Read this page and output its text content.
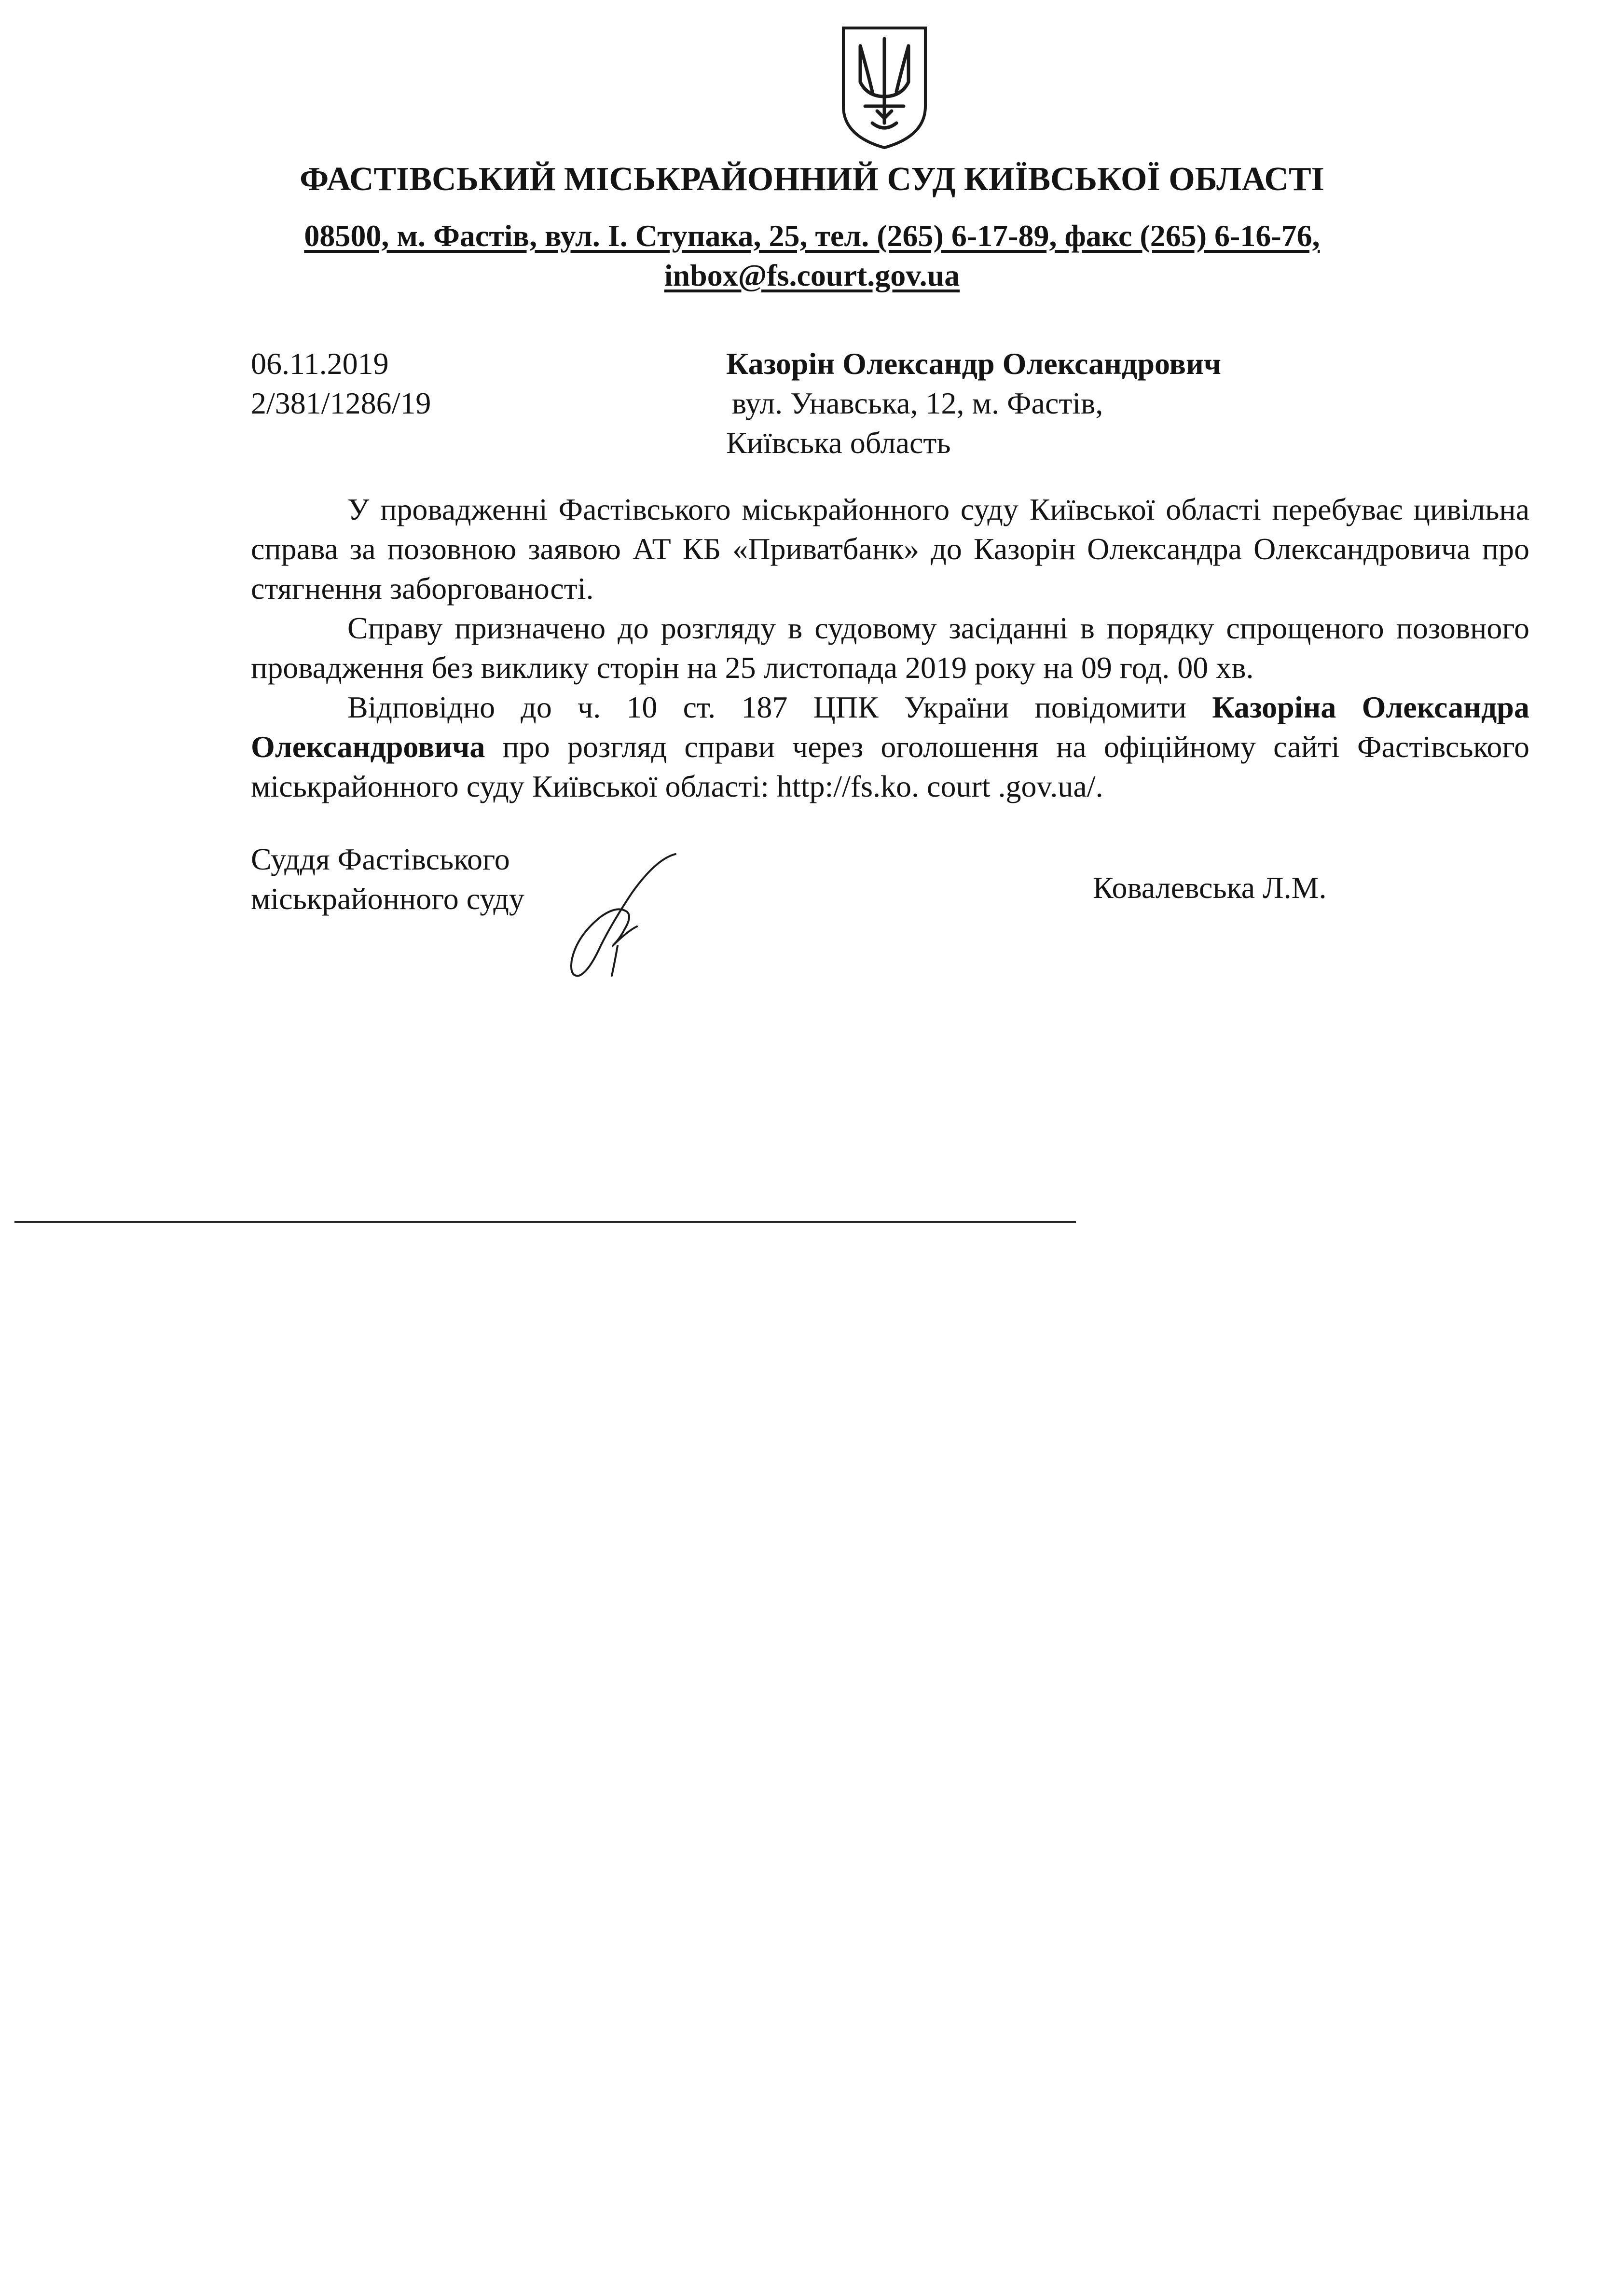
ФАСТІВСЬКИЙ МІСЬКРАЙОННИЙ СУД КИЇВСЬКОЇ ОБЛАСТІ

08500, м. Фастів, вул. І. Ступака, 25, тел. (265) 6-17-89, факс (265) 6-16-76,
inbox@fs.court.gov.ua
06.11.2019
2/381/1286/19
Казорін Олександр Олександрович
вул. Унавська, 12, м. Фастів,
Київська область

У провадженні Фастівського міськрайонного суду Київської області перебуває цивільна справа за позовною заявою АТ КБ «Приватбанк» до Казорін Олександра Олександровича про стягнення заборгованості.

Справу призначено до розгляду в судовому засіданні в порядку спрощеного позовного провадження без виклику сторін на 25 листопада 2019 року на 09 год. 00 хв.

Відповідно до ч. 10 ст. 187 ЦПК України повідомити Казоріна Олександра Олександровича про розгляд справи через оголошення на офіційному сайті Фастівського міськрайонного суду Київської області: http://fs.ko. court .gov.ua/.

Суддя Фастівського
міськрайонного суду	Ковалевська Л.М.
